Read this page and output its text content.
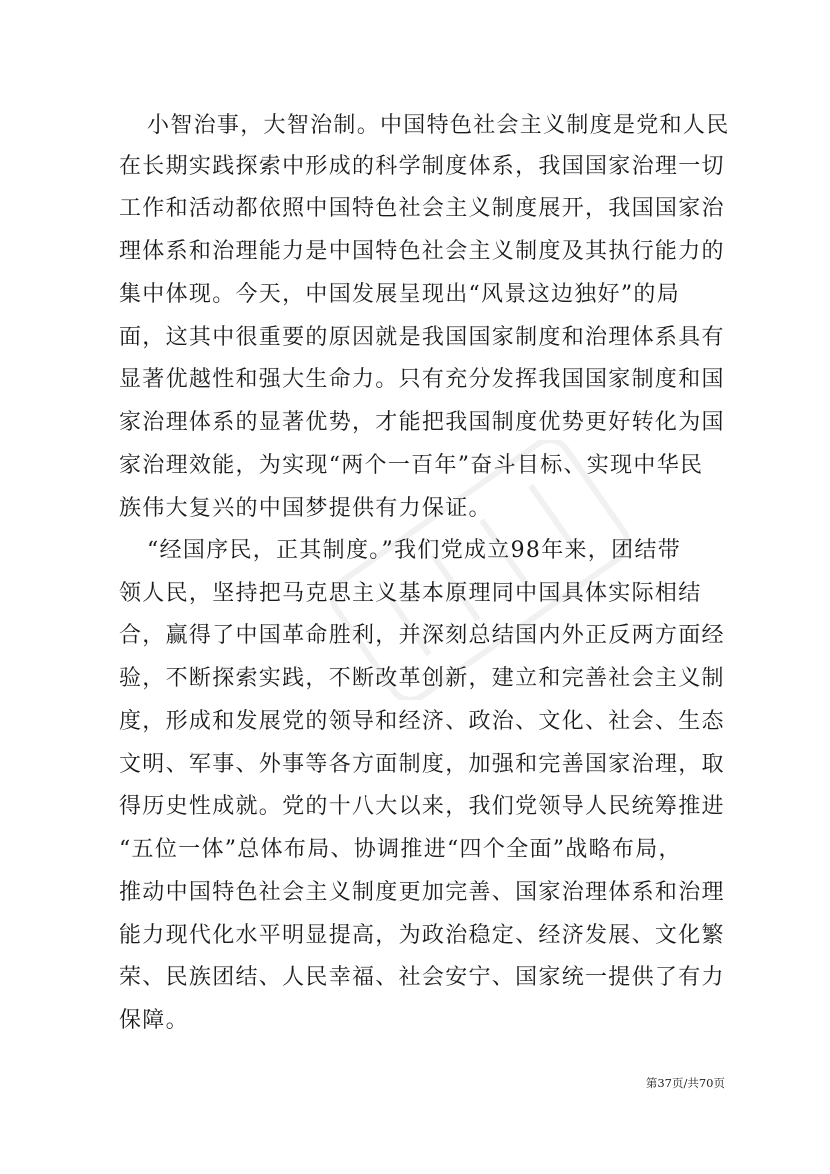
小智治事，大智治制。中国特色社会主义制度是党和人民
在长期实践探索中形成的科学制度体系，我国国家治理一切
工作和活动都依照中国特色社会主义制度展开，我国国家治
理体系和治理能力是中国特色社会主义制度及其执行能力的
集中体现。今天，中国发展呈现出“风景这边独好”的局
面，这其中很重要的原因就是我国国家制度和治理体系具有
显著优越性和强大生命力。只有充分发挥我国国家制度和国
家治理体系的显著优势，才能把我国制度优势更好转化为国
家治理效能，为实现“两个一百年”奋斗目标、实现中华民
族伟大复兴的中国梦提供有力保证。
“经国序民，正其制度。”我们党成立98年来，团结带
领人民，坚持把马克思主义基本原理同中国具体实际相结
合，赢得了中国革命胜利，并深刻总结国内外正反两方面经
验，不断探索实践，不断改革创新，建立和完善社会主义制
度，形成和发展党的领导和经济、政治、文化、社会、生态
文明、军事、外事等各方面制度，加强和完善国家治理，取
得历史性成就。党的十八大以来，我们党领导人民统筹推进
“五位一体”总体布局、协调推进“四个全面”战略布局，
推动中国特色社会主义制度更加完善、国家治理体系和治理
能力现代化水平明显提高，为政治稳定、经济发展、文化繁
荣、民族团结、人民幸福、社会安宁、国家统一提供了有力
保障。
第37页/共70页
